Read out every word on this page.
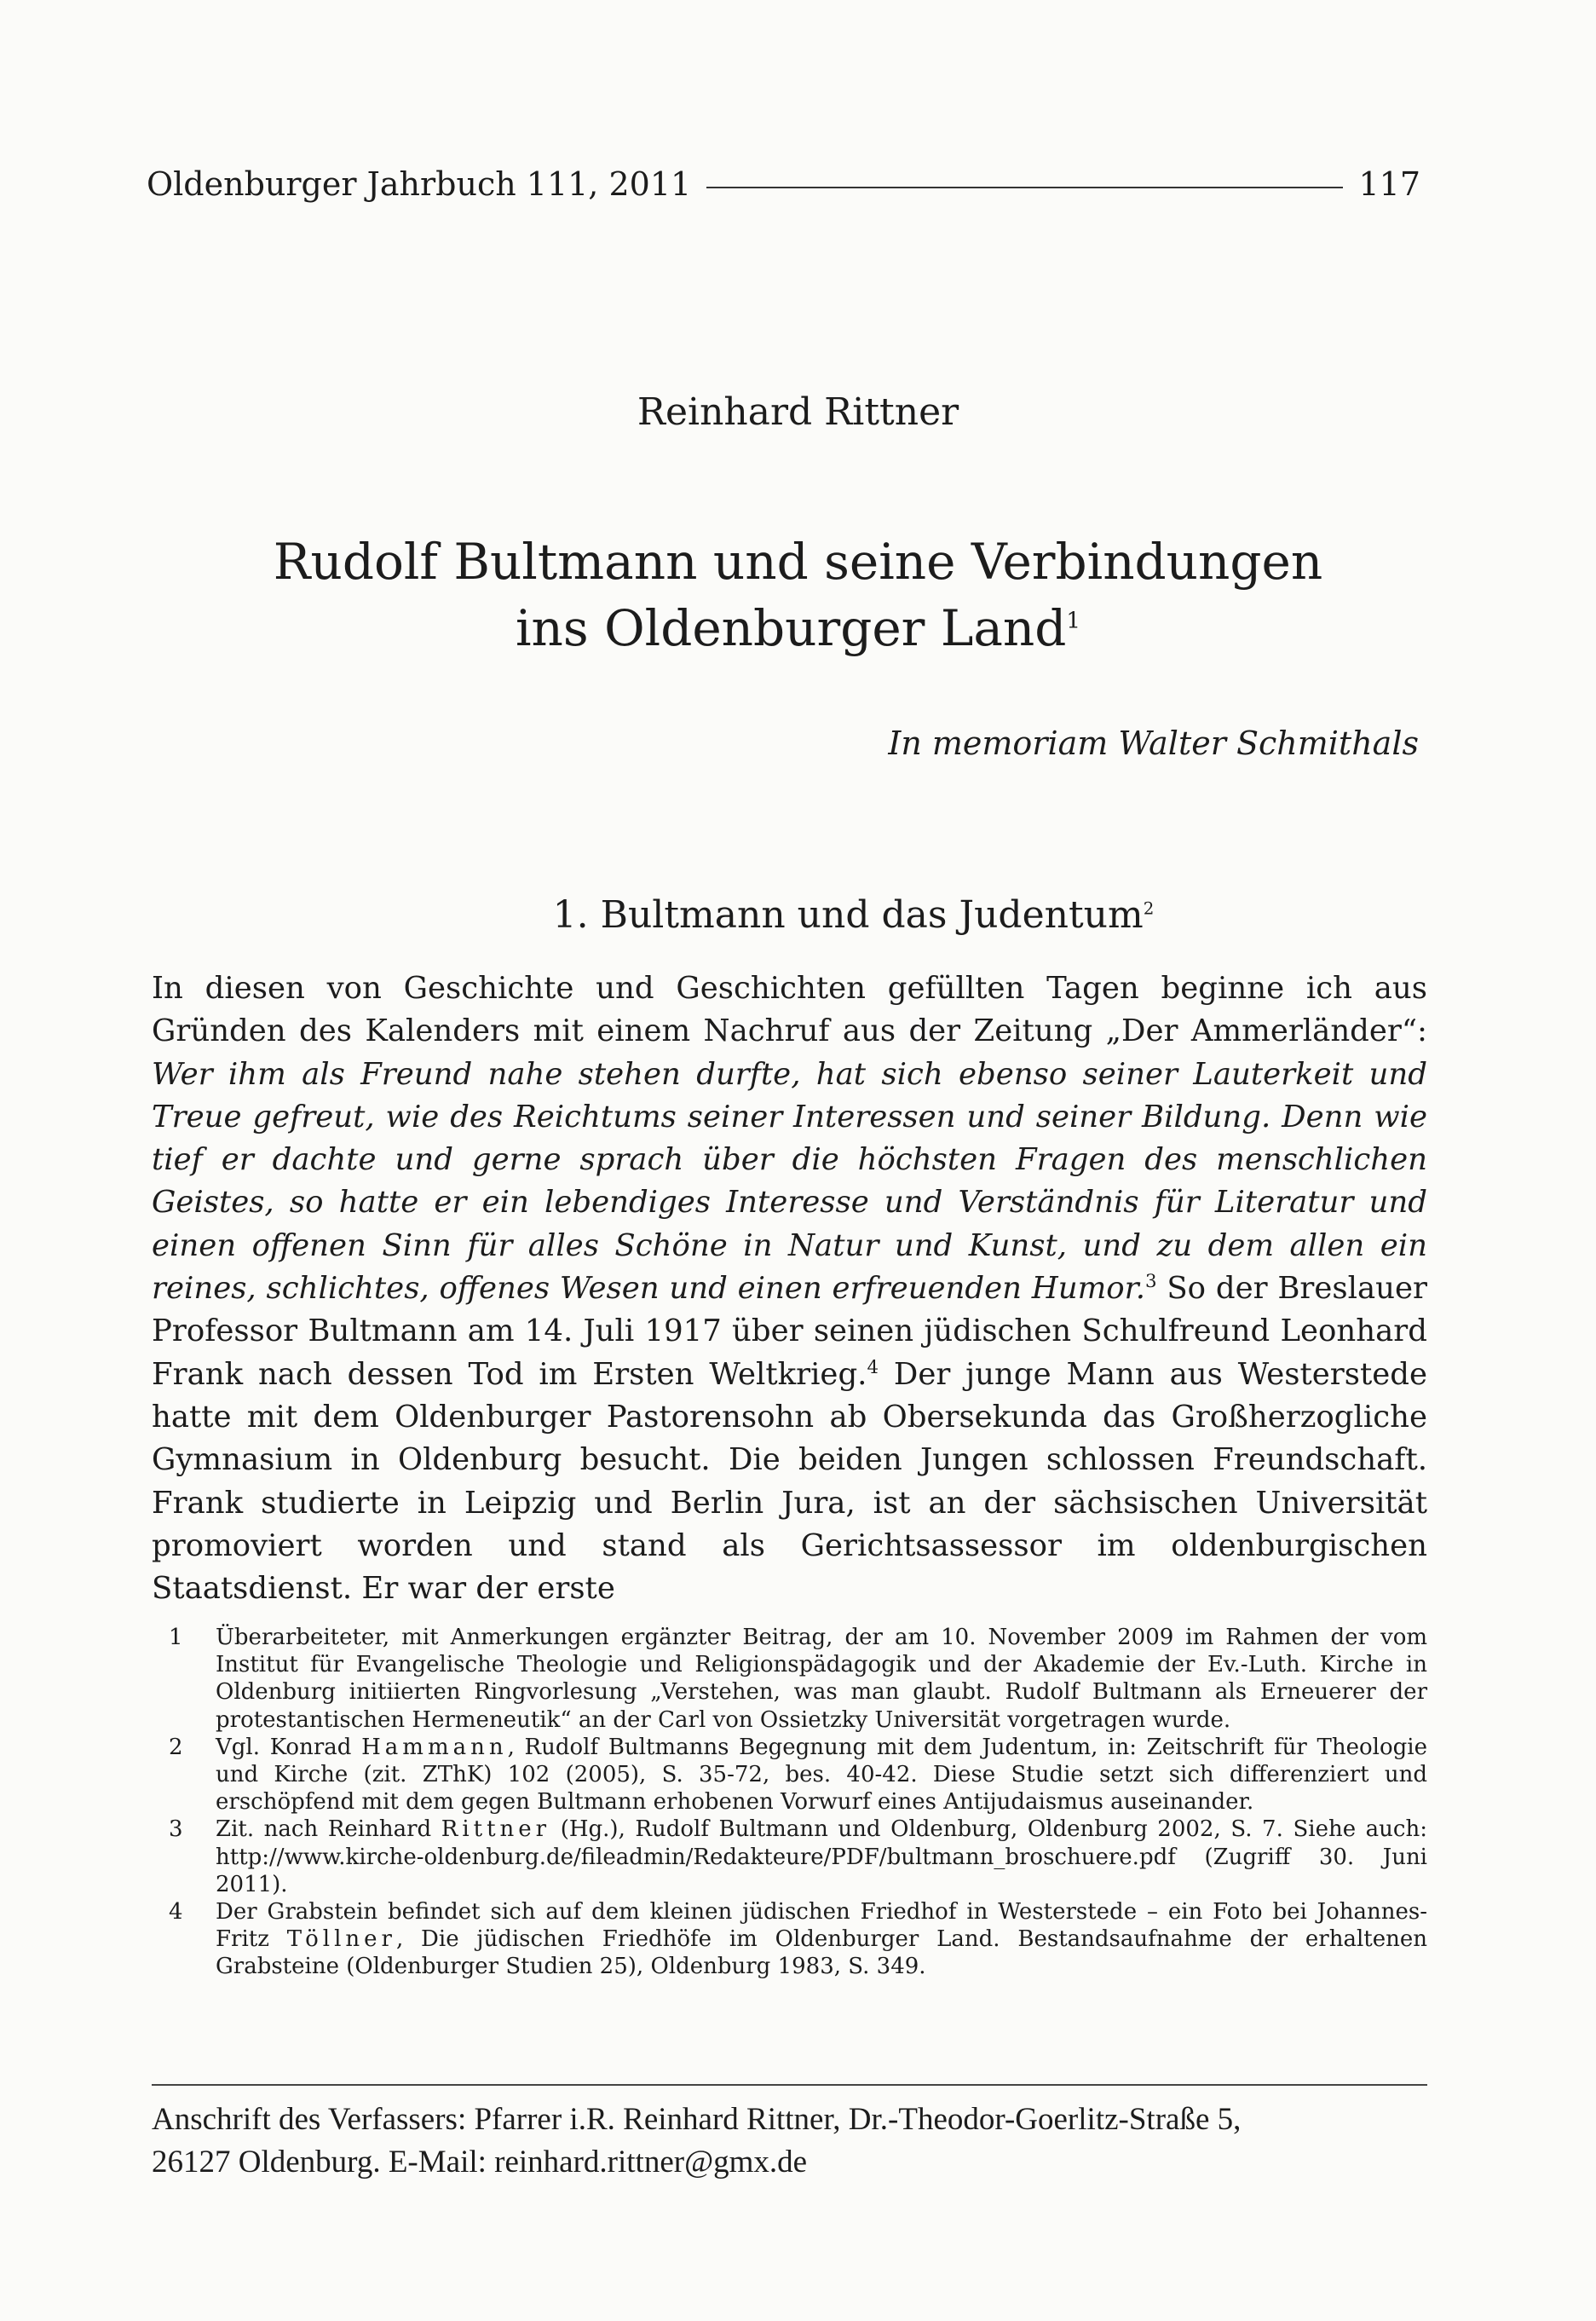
Oldenburger Jahrbuch 111, 2011	117
Reinhard Rittner
Rudolf Bultmann und seine Verbindungen
ins Oldenburger Land$^1$
In memoriam Walter Schmithals
1. Bultmann und das Judentum$^2$
In diesen von Geschichte und Geschichten gefüllten Tagen beginne ich aus Gründen des Kalenders mit einem Nachruf aus der Zeitung „Der Ammerländer“: Wer ihm als Freund nahe stehen durfte, hat sich ebenso seiner Lauterkeit und Treue gefreut, wie des Reichtums seiner Interessen und seiner Bildung. Denn wie tief er dachte und gerne sprach über die höchsten Fragen des menschlichen Geistes, so hatte er ein lebendiges Interesse und Verständnis für Literatur und einen offenen Sinn für alles Schöne in Natur und Kunst, und zu dem allen ein reines, schlichtes, offenes Wesen und einen erfreuenden Humor.$^3$ So der Breslauer Professor Bultmann am 14. Juli 1917 über seinen jüdischen Schulfreund Leonhard Frank nach dessen Tod im Ersten Weltkrieg.$^4$ Der junge Mann aus Westerstede hatte mit dem Oldenburger Pastorensohn ab Obersekunda das Großherzogliche Gymnasium in Oldenburg besucht. Die beiden Jungen schlossen Freundschaft. Frank studierte in Leipzig und Berlin Jura, ist an der sächsischen Universität promoviert worden und stand als Gerichtsassessor im oldenburgischen Staatsdienst. Er war der erste
1	Überarbeiteter, mit Anmerkungen ergänzter Beitrag, der am 10. November 2009 im Rahmen der vom Institut für Evangelische Theologie und Religionspädagogik und der Akademie der Ev.-Luth. Kirche in Oldenburg initiierten Ringvorlesung „Verstehen, was man glaubt. Rudolf Bultmann als Erneuerer der protestantischen Hermeneutik“ an der Carl von Ossietzky Universität vorgetragen wurde.
2	Vgl. Konrad Hammann, Rudolf Bultmanns Begegnung mit dem Judentum, in: Zeitschrift für Theologie und Kirche (zit. ZThK) 102 (2005), S. 35-72, bes. 40-42. Diese Studie setzt sich differenziert und erschöpfend mit dem gegen Bultmann erhobenen Vorwurf eines Antijudaismus auseinander.
3	Zit. nach Reinhard Rittner (Hg.), Rudolf Bultmann und Oldenburg, Oldenburg 2002, S. 7. Siehe auch: http://www.kirche-oldenburg.de/fileadmin/Redakteure/PDF/bultmann_broschuere.pdf (Zugriff 30. Juni 2011).
4	Der Grabstein befindet sich auf dem kleinen jüdischen Friedhof in Westerstede – ein Foto bei Johannes-Fritz Töllner, Die jüdischen Friedhöfe im Oldenburger Land. Bestandsaufnahme der erhaltenen Grabsteine (Oldenburger Studien 25), Oldenburg 1983, S. 349.
Anschrift des Verfassers: Pfarrer i.R. Reinhard Rittner, Dr.-Theodor-Goerlitz-Straße 5,
26127 Oldenburg. E-Mail: reinhard.rittner@gmx.de
